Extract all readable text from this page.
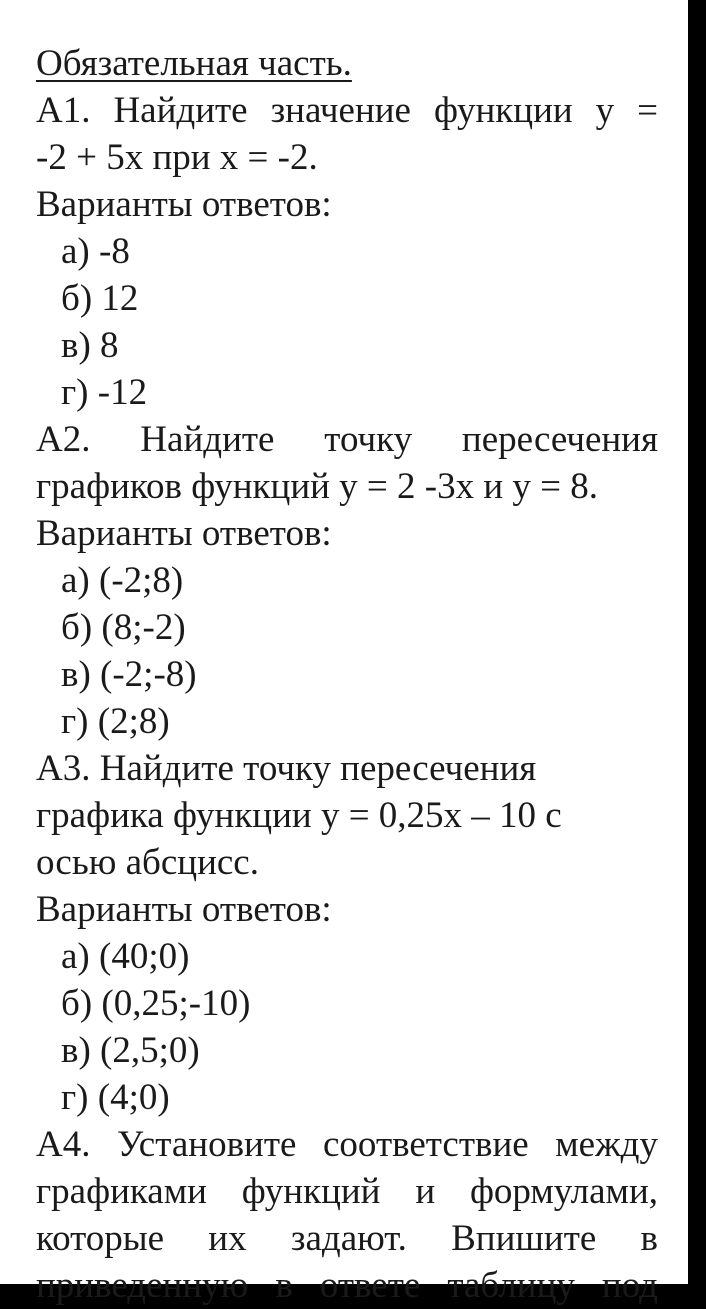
Обязательная часть.
А1. Найдите значение функции у =
-2 + 5х при х = -2.
Варианты ответов:
а) -8
б) 12
в) 8
г) -12
А2. Найдите точку пересечения
графиков функций у = 2 -3х и у = 8.
Варианты ответов:
а) (-2;8)
б) (8;-2)
в) (-2;-8)
г) (2;8)
А3. Найдите точку пересечения
графика функции у = 0,25х – 10 с
осью абсцисс.
Варианты ответов:
а) (40;0)
б) (0,25;-10)
в) (2,5;0)
г) (4;0)
А4. Установите соответствие между
графиками функций и формулами,
которые их задают. Впишите в
приведенную в ответе таблицу под
